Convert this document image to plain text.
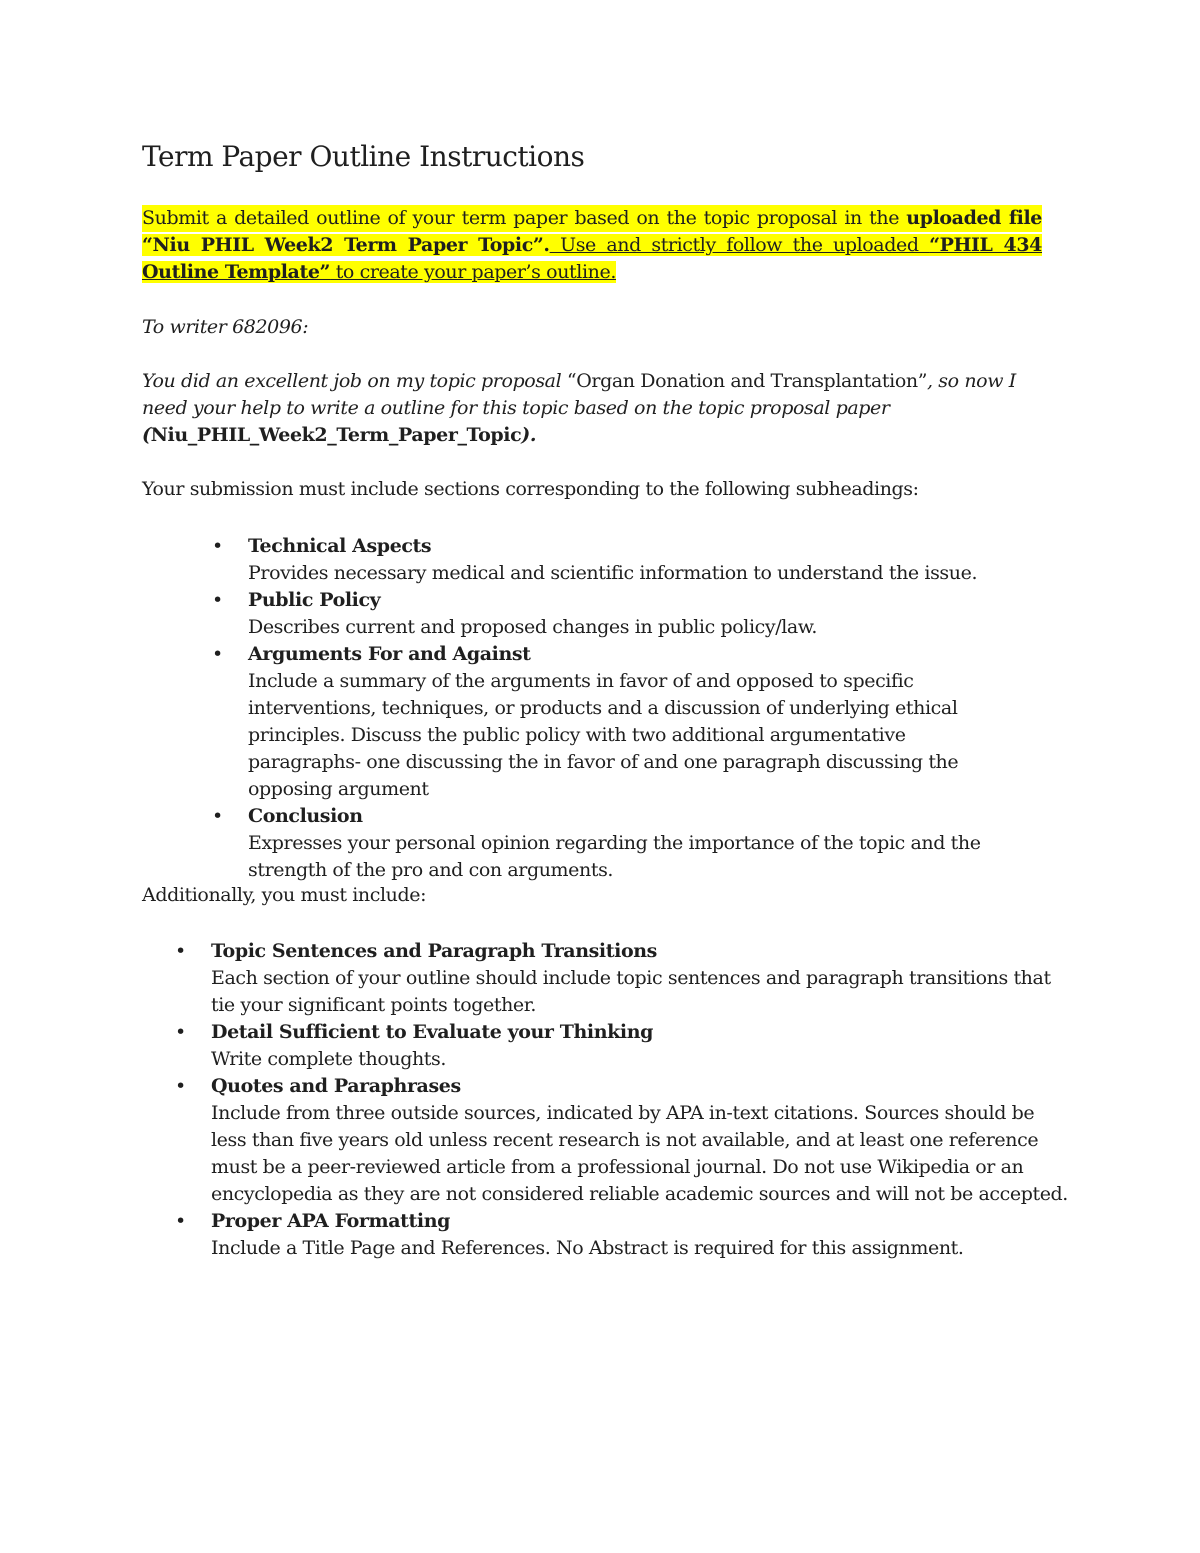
Term Paper Outline Instructions

Submit a detailed outline of your term paper based on the topic proposal in the uploaded file
“Niu PHIL Week2 Term Paper Topic”. Use and strictly follow the uploaded “PHIL 434
Outline Template” to create your paper’s outline.

To writer 682096:

You did an excellent job on my topic proposal “Organ Donation and Transplantation”, so now I need your help to write a outline for this topic based on the topic proposal paper (Niu_PHIL_Week2_Term_Paper_Topic).

Your submission must include sections corresponding to the following subheadings:

• Technical Aspects
Provides necessary medical and scientific information to understand the issue.
• Public Policy
Describes current and proposed changes in public policy/law.
• Arguments For and Against
Include a summary of the arguments in favor of and opposed to specific interventions, techniques, or products and a discussion of underlying ethical principles. Discuss the public policy with two additional argumentative paragraphs- one discussing the in favor of and one paragraph discussing the opposing argument
• Conclusion
Expresses your personal opinion regarding the importance of the topic and the strength of the pro and con arguments.

Additionally, you must include:

• Topic Sentences and Paragraph Transitions
Each section of your outline should include topic sentences and paragraph transitions that tie your significant points together.
• Detail Sufficient to Evaluate your Thinking
Write complete thoughts.
• Quotes and Paraphrases
Include from three outside sources, indicated by APA in-text citations. Sources should be less than five years old unless recent research is not available, and at least one reference must be a peer-reviewed article from a professional journal. Do not use Wikipedia or an encyclopedia as they are not considered reliable academic sources and will not be accepted.
• Proper APA Formatting
Include a Title Page and References. No Abstract is required for this assignment.
